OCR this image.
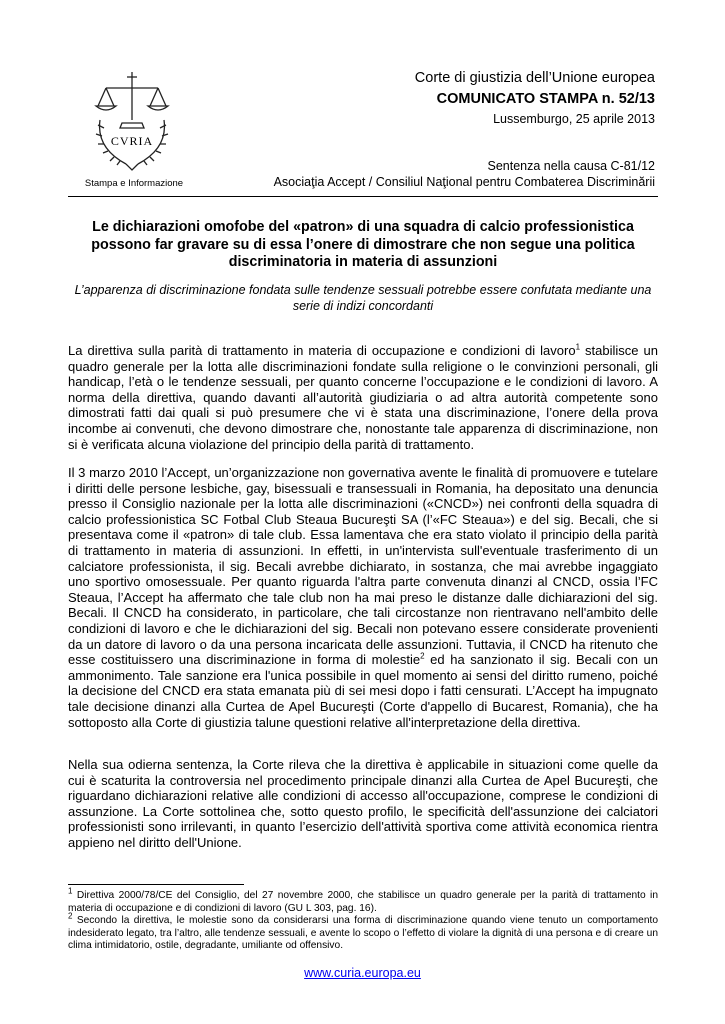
CVRIA
Stampa e Informazione
Corte di giustizia dell’Unione europea
COMUNICATO STAMPA n. 52/13
Lussemburgo, 25 aprile 2013
Sentenza nella causa C-81/12
Asociaţia Accept / Consiliul Naţional pentru Combaterea Discriminării
Le dichiarazioni omofobe del «patron» di una squadra di calcio professionistica possono far gravare su di essa l’onere di dimostrare che non segue una politica discriminatoria in materia di assunzioni
L’apparenza di discriminazione fondata sulle tendenze sessuali potrebbe essere confutata mediante una serie di indizi concordanti

La direttiva sulla parità di trattamento in materia di occupazione e condizioni di lavoro$^1$ stabilisce un quadro generale per la lotta alle discriminazioni fondate sulla religione o le convinzioni personali, gli handicap, l’età o le tendenze sessuali, per quanto concerne l’occupazione e le condizioni di lavoro. A norma della direttiva, quando davanti all’autorità giudiziaria o ad altra autorità competente sono dimostrati fatti dai quali si può presumere che vi è stata una discriminazione, l’onere della prova incombe ai convenuti, che devono dimostrare che, nonostante tale apparenza di discriminazione, non si è verificata alcuna violazione del principio della parità di trattamento.

Il 3 marzo 2010 l’Accept, un’organizzazione non governativa avente le finalità di promuovere e tutelare i diritti delle persone lesbiche, gay, bisessuali e transessuali in Romania, ha depositato una denuncia presso il Consiglio nazionale per la lotta alle discriminazioni («CNCD») nei confronti della squadra di calcio professionistica SC Fotbal Club Steaua Bucureşti SA (l’«FC Steaua») e del sig. Becali, che si presentava come il «patron» di tale club. Essa lamentava che era stato violato il principio della parità di trattamento in materia di assunzioni. In effetti, in un'intervista sull'eventuale trasferimento di un calciatore professionista, il sig. Becali avrebbe dichiarato, in sostanza, che mai avrebbe ingaggiato uno sportivo omosessuale. Per quanto riguarda l'altra parte convenuta dinanzi al CNCD, ossia l’FC Steaua, l’Accept ha affermato che tale club non ha mai preso le distanze dalle dichiarazioni del sig. Becali. Il CNCD ha considerato, in particolare, che tali circostanze non rientravano nell'ambito delle condizioni di lavoro e che le dichiarazioni del sig. Becali non potevano essere considerate provenienti da un datore di lavoro o da una persona incaricata delle assunzioni. Tuttavia, il CNCD ha ritenuto che esse costituissero una discriminazione in forma di molestie$^2$ ed ha sanzionato il sig. Becali con un ammonimento. Tale sanzione era l'unica possibile in quel momento ai sensi del diritto rumeno, poiché la decisione del CNCD era stata emanata più di sei mesi dopo i fatti censurati. L’Accept ha impugnato tale decisione dinanzi alla Curtea de Apel Bucureşti (Corte d'appello di Bucarest, Romania), che ha sottoposto alla Corte di giustizia talune questioni relative all'interpretazione della direttiva.

Nella sua odierna sentenza, la Corte rileva che la direttiva è applicabile in situazioni come quelle da cui è scaturita la controversia nel procedimento principale dinanzi alla Curtea de Apel Bucureşti, che riguardano dichiarazioni relative alle condizioni di accesso all'occupazione, comprese le condizioni di assunzione. La Corte sottolinea che, sotto questo profilo, le specificità dell'assunzione dei calciatori professionisti sono irrilevanti, in quanto l’esercizio dell'attività sportiva come attività economica rientra appieno nel diritto dell'Unione.

$^1$ Direttiva 2000/78/CE del Consiglio, del 27 novembre 2000, che stabilisce un quadro generale per la parità di trattamento in materia di occupazione e di condizioni di lavoro (GU L 303, pag. 16).
$^2$ Secondo la direttiva, le molestie sono da considerarsi una forma di discriminazione quando viene tenuto un comportamento indesiderato legato, tra l’altro, alle tendenze sessuali, e avente lo scopo o l’effetto di violare la dignità di una persona e di creare un clima intimidatorio, ostile, degradante, umiliante od offensivo.
www.curia.europa.eu
